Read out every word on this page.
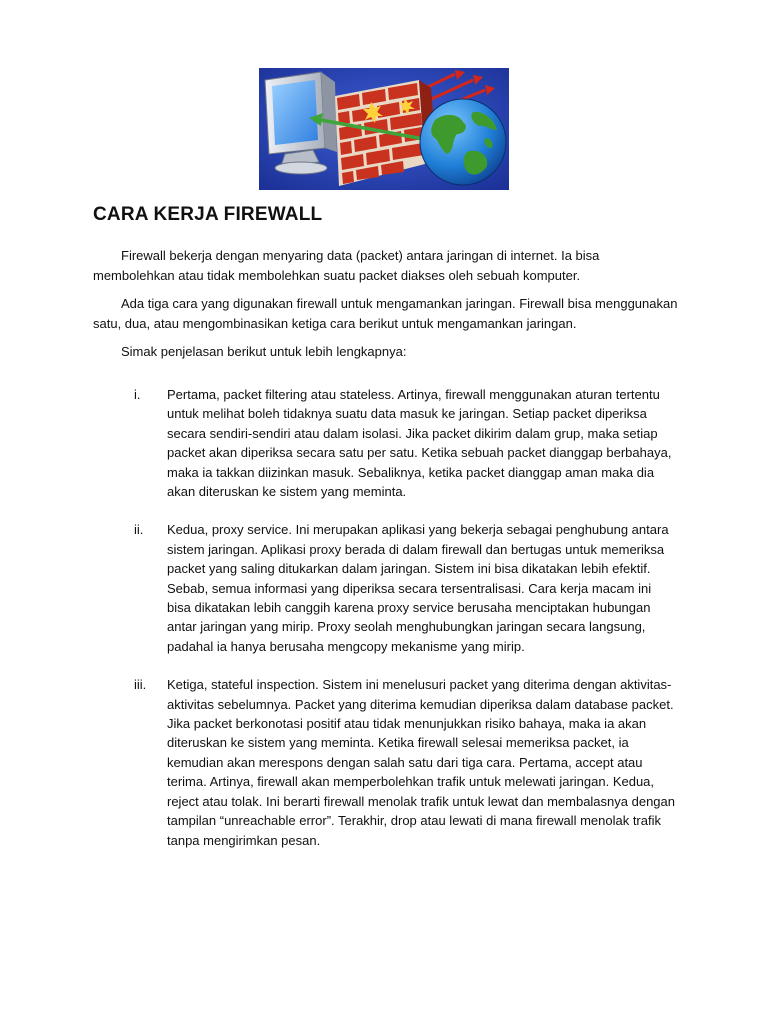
CARA KERJA FIREWALL

Firewall bekerja dengan menyaring data (packet) antara jaringan di internet. Ia bisa membolehkan atau tidak membolehkan suatu packet diakses oleh sebuah komputer.

Ada tiga cara yang digunakan firewall untuk mengamankan jaringan. Firewall bisa menggunakan satu, dua, atau mengombinasikan ketiga cara berikut untuk mengamankan jaringan.

Simak penjelasan berikut untuk lebih lengkapnya:

i. Pertama, packet filtering atau stateless. Artinya, firewall menggunakan aturan tertentu untuk melihat boleh tidaknya suatu data masuk ke jaringan. Setiap packet diperiksa secara sendiri-sendiri atau dalam isolasi. Jika packet dikirim dalam grup, maka setiap packet akan diperiksa secara satu per satu. Ketika sebuah packet dianggap berbahaya, maka ia takkan diizinkan masuk. Sebaliknya, ketika packet dianggap aman maka dia akan diteruskan ke sistem yang meminta.
ii. Kedua, proxy service. Ini merupakan aplikasi yang bekerja sebagai penghubung antara sistem jaringan. Aplikasi proxy berada di dalam firewall dan bertugas untuk memeriksa packet yang saling ditukarkan dalam jaringan. Sistem ini bisa dikatakan lebih efektif. Sebab, semua informasi yang diperiksa secara tersentralisasi. Cara kerja macam ini bisa dikatakan lebih canggih karena proxy service berusaha menciptakan hubungan antar jaringan yang mirip. Proxy seolah menghubungkan jaringan secara langsung, padahal ia hanya berusaha mengcopy mekanisme yang mirip.
iii. Ketiga, stateful inspection. Sistem ini menelusuri packet yang diterima dengan aktivitas-aktivitas sebelumnya. Packet yang diterima kemudian diperiksa dalam database packet. Jika packet berkonotasi positif atau tidak menunjukkan risiko bahaya, maka ia akan diteruskan ke sistem yang meminta. Ketika firewall selesai memeriksa packet, ia kemudian akan merespons dengan salah satu dari tiga cara. Pertama, accept atau terima. Artinya, firewall akan memperbolehkan trafik untuk melewati jaringan. Kedua, reject atau tolak. Ini berarti firewall menolak trafik untuk lewat dan membalasnya dengan tampilan “unreachable error”. Terakhir, drop atau lewati di mana firewall menolak trafik tanpa mengirimkan pesan.
